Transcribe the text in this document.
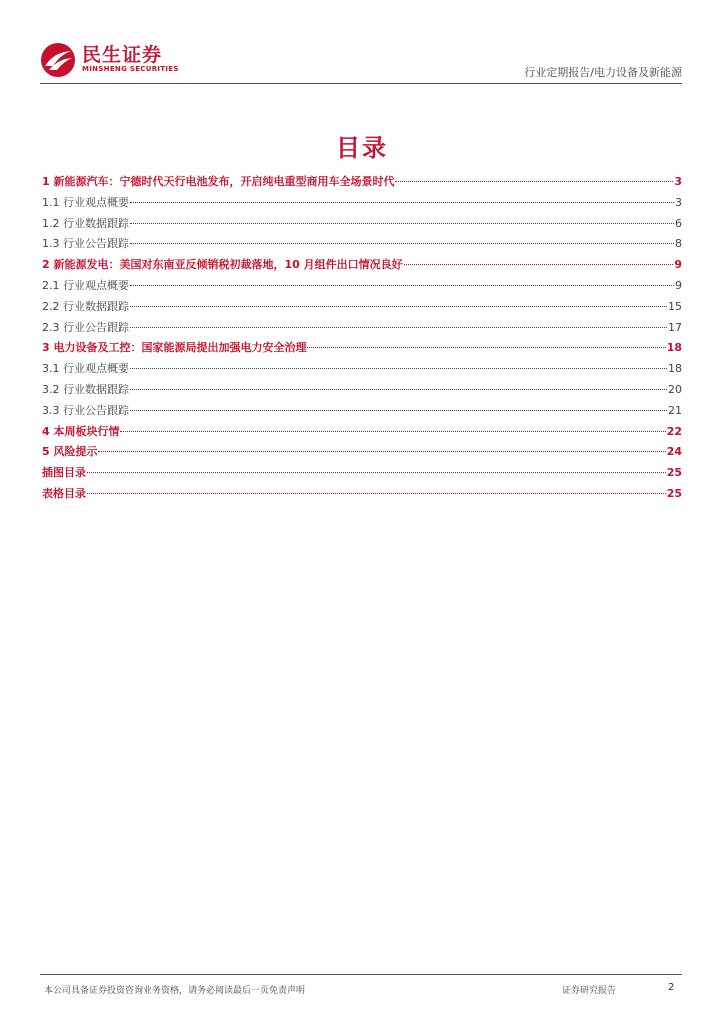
民生证券
MINSHENG SECURITIES	行业定期报告/电力设备及新能源
目录
1 新能源汽车：宁德时代天行电池发布，开启纯电重型商用车全场景时代	3
1.1 行业观点概要	3
1.2 行业数据跟踪	6
1.3 行业公告跟踪	8
2 新能源发电：美国对东南亚反倾销税初裁落地，10 月组件出口情况良好	9
2.1 行业观点概要	9
2.2 行业数据跟踪	15
2.3 行业公告跟踪	17
3 电力设备及工控：国家能源局提出加强电力安全治理	18
3.1 行业观点概要	18
3.2 行业数据跟踪	20
3.3 行业公告跟踪	21
4 本周板块行情	22
5 风险提示	24
插图目录	25
表格目录	25
本公司具备证券投资咨询业务资格，请务必阅读最后一页免责声明	证券研究报告	2
